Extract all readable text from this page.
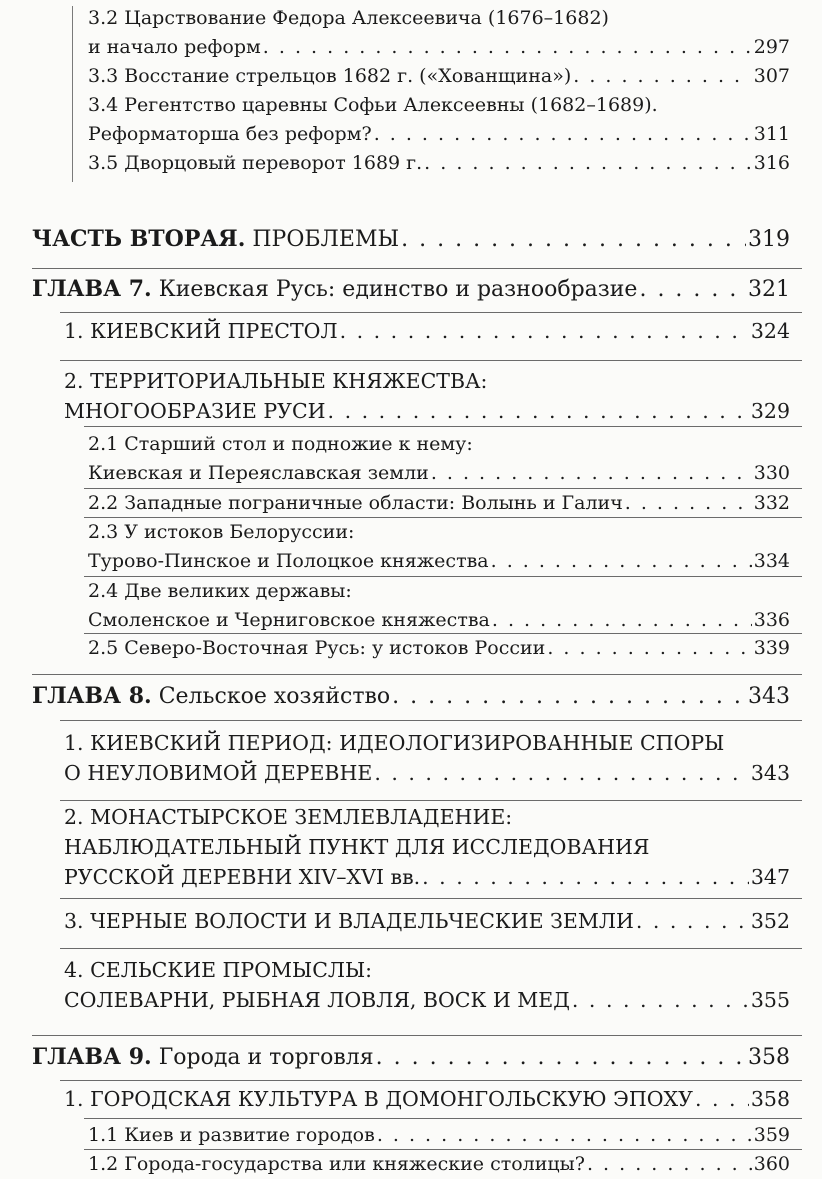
3.2 Царствование Федора Алексеевича (1676–1682)
и начало реформ . . .	297
3.3 Восстание стрельцов 1682 г. («Хованщина») . . .	307
3.4 Регентство царевны Софьи Алексеевны (1682–1689).
Реформаторша без реформ? . . .	311
3.5 Дворцовый переворот 1689 г. . . .	316
ЧАСТЬ ВТОРАЯ. ПРОБЛЕМЫ . . .	319
ГЛАВА 7. Киевская Русь: единство и разнообразие . . .	321
1. КИЕВСКИЙ ПРЕСТОЛ . . .	324
2. ТЕРРИТОРИАЛЬНЫЕ КНЯЖЕСТВА:
МНОГООБРАЗИЕ РУСИ . . .	329
2.1 Старший стол и подножие к нему:
Киевская и Переяславская земли . . .	330
2.2 Западные пограничные области: Волынь и Галич . . .	332
2.3 У истоков Белоруссии:
Турово-Пинское и Полоцкое княжества . . .	334
2.4 Две великих державы:
Смоленское и Черниговское княжества . . .	336
2.5 Северо-Восточная Русь: у истоков России . . .	339
ГЛАВА 8. Сельское хозяйство . . .	343
1. КИЕВСКИЙ ПЕРИОД: ИДЕОЛОГИЗИРОВАННЫЕ СПОРЫ
О НЕУЛОВИМОЙ ДЕРЕВНЕ . . .	343
2. МОНАСТЫРСКОЕ ЗЕМЛЕВЛАДЕНИЕ:
НАБЛЮДАТЕЛЬНЫЙ ПУНКТ ДЛЯ ИССЛЕДОВАНИЯ
РУССКОЙ ДЕРЕВНИ XIV–XVI вв. . . .	347
3. ЧЕРНЫЕ ВОЛОСТИ И ВЛАДЕЛЬЧЕСКИЕ ЗЕМЛИ . . .	352
4. СЕЛЬСКИЕ ПРОМЫСЛЫ:
СОЛЕВАРНИ, РЫБНАЯ ЛОВЛЯ, ВОСК И МЕД . . .	355
ГЛАВА 9. Города и торговля . . .	358
1. ГОРОДСКАЯ КУЛЬТУРА В ДОМОНГОЛЬСКУЮ ЭПОХУ . . .	358
1.1 Киев и развитие городов . . .	359
1.2 Города-государства или княжеские столицы? . . .	360
